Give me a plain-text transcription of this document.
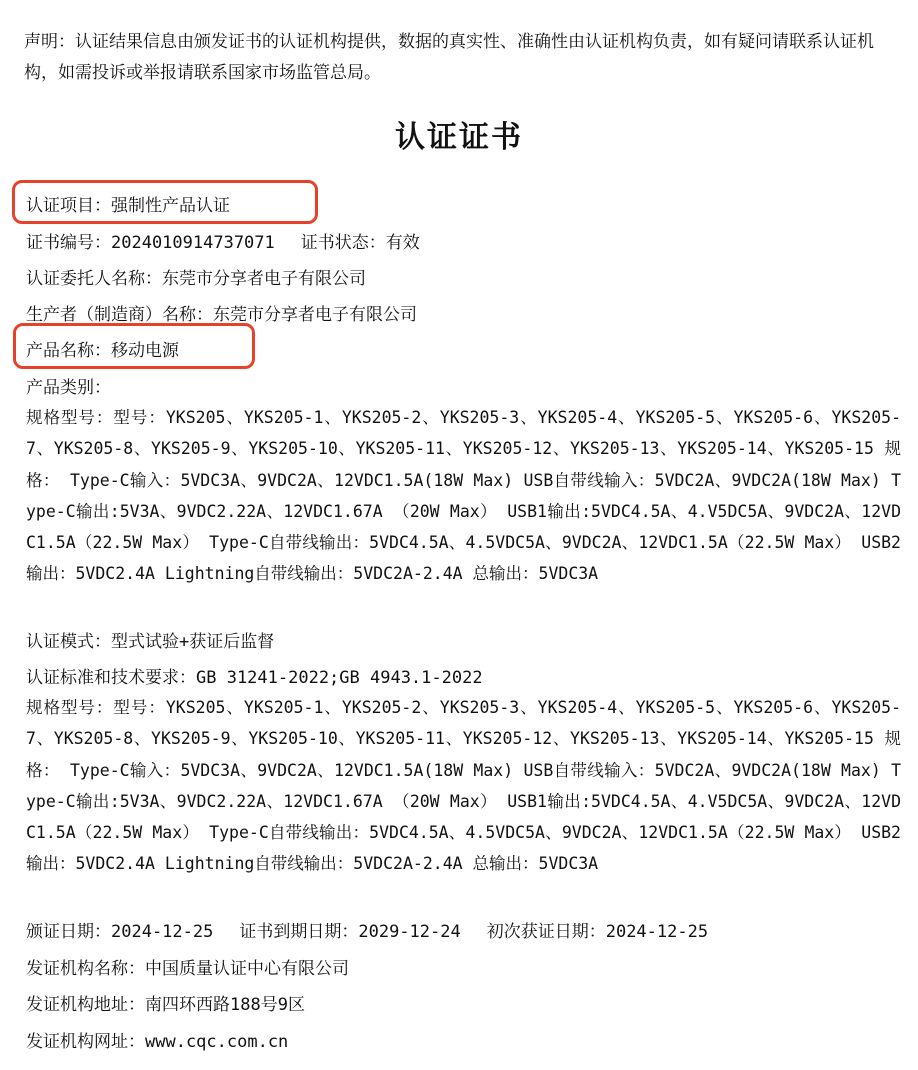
声明：认证结果信息由颁发证书的认证机构提供，数据的真实性、准确性由认证机构负责，如有疑问请联系认证机构，如需投诉或举报请联系国家市场监管总局。

认证证书

认证项目：强制性产品认证

证书编号：2024010914737071 证书状态：有效

认证委托人名称：东莞市分享者电子有限公司

生产者（制造商）名称：东莞市分享者电子有限公司

产品名称：移动电源

产品类别：

规格型号：型号：YKS205、YKS205-1、YKS205-2、YKS205-3、YKS205-4、YKS205-5、YKS205-6、YKS205-7、YKS205-8、YKS205-9、YKS205-10、YKS205-11、YKS205-12、YKS205-13、YKS205-14、YKS205-15 规格： Type-C输入：5VDC3A、9VDC2A、12VDC1.5A(18W Max) USB自带线输入：5VDC2A、9VDC2A(18W Max) Type-C输出:5V3A、9VDC2.22A、12VDC1.67A （20W Max） USB1输出:5VDC4.5A、4.V5DC5A、9VDC2A、12VDC1.5A（22.5W Max） Type-C自带线输出：5VDC4.5A、4.5VDC5A、9VDC2A、12VDC1.5A（22.5W Max） USB2输出：5VDC2.4A Lightning自带线输出：5VDC2A-2.4A 总输出：5VDC3A

认证模式：型式试验+获证后监督

认证标准和技术要求：GB 31241-2022;GB 4943.1-2022

规格型号：型号：YKS205、YKS205-1、YKS205-2、YKS205-3、YKS205-4、YKS205-5、YKS205-6、YKS205-7、YKS205-8、YKS205-9、YKS205-10、YKS205-11、YKS205-12、YKS205-13、YKS205-14、YKS205-15 规格： Type-C输入：5VDC3A、9VDC2A、12VDC1.5A(18W Max) USB自带线输入：5VDC2A、9VDC2A(18W Max) Type-C输出:5V3A、9VDC2.22A、12VDC1.67A （20W Max） USB1输出:5VDC4.5A、4.V5DC5A、9VDC2A、12VDC1.5A（22.5W Max） Type-C自带线输出：5VDC4.5A、4.5VDC5A、9VDC2A、12VDC1.5A（22.5W Max） USB2输出：5VDC2.4A Lightning自带线输出：5VDC2A-2.4A 总输出：5VDC3A

颁证日期：2024-12-25 证书到期日期：2029-12-24 初次获证日期：2024-12-25

发证机构名称：中国质量认证中心有限公司

发证机构地址：南四环西路188号9区

发证机构网址：www.cqc.com.cn
